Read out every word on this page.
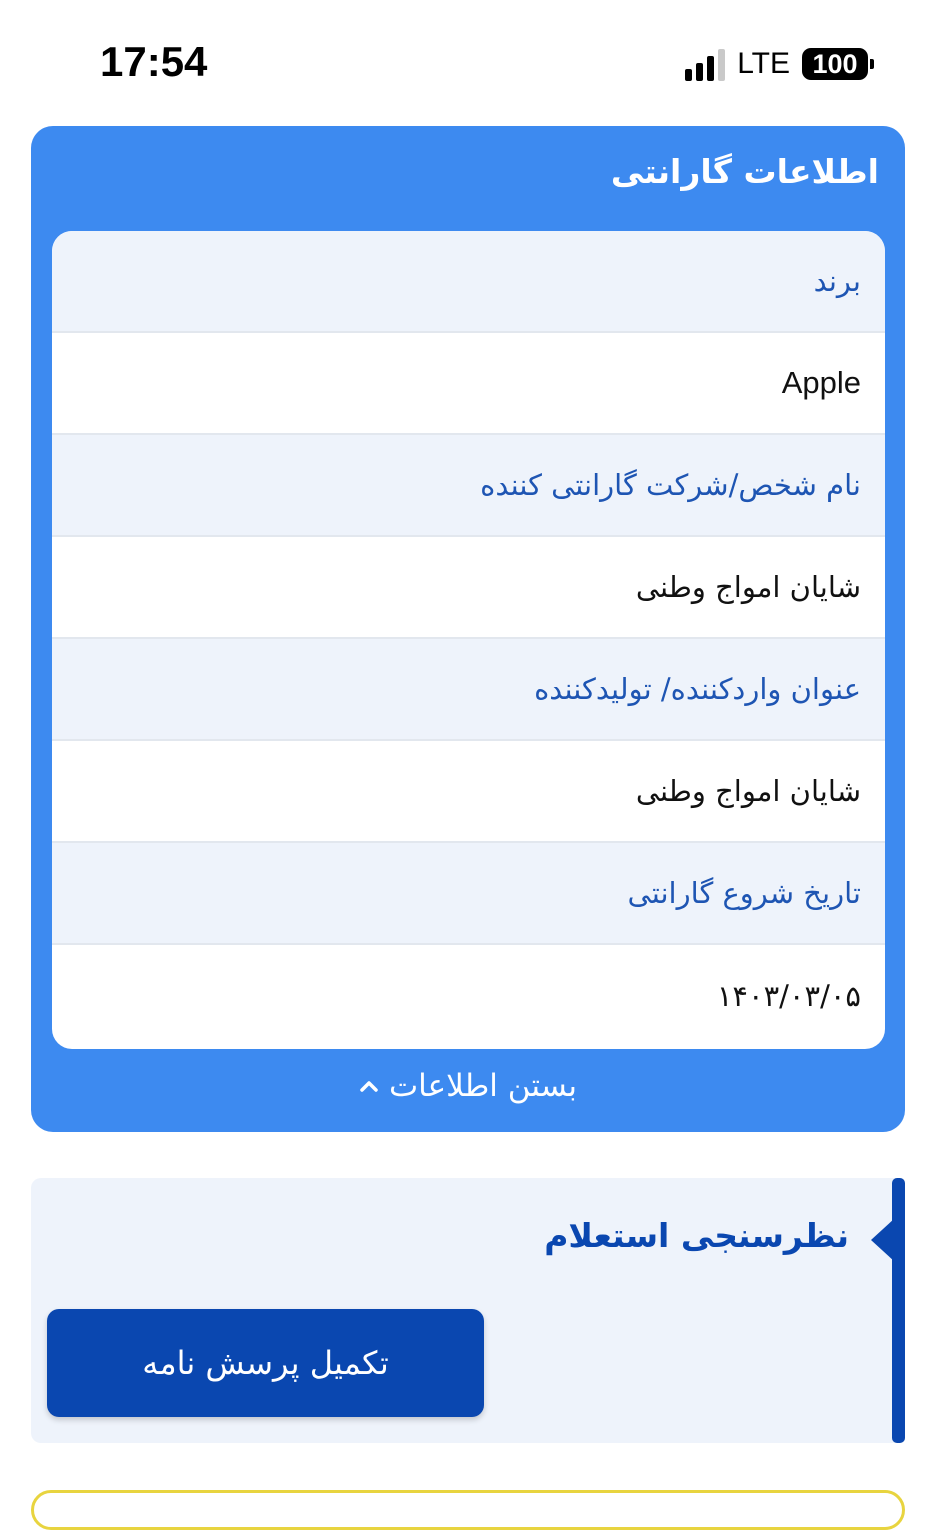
17:54	LTE 100
اطلاعات گارانتی
برند
Apple
نام شخص/شرکت گارانتی کننده
شایان امواج وطنی
عنوان واردکننده/ تولیدکننده
شایان امواج وطنی
تاریخ شروع گارانتی
۱۴۰۳/۰۳/۰۵
بستن اطلاعات
نظرسنجی استعلام
تکمیل پرسش نامه
